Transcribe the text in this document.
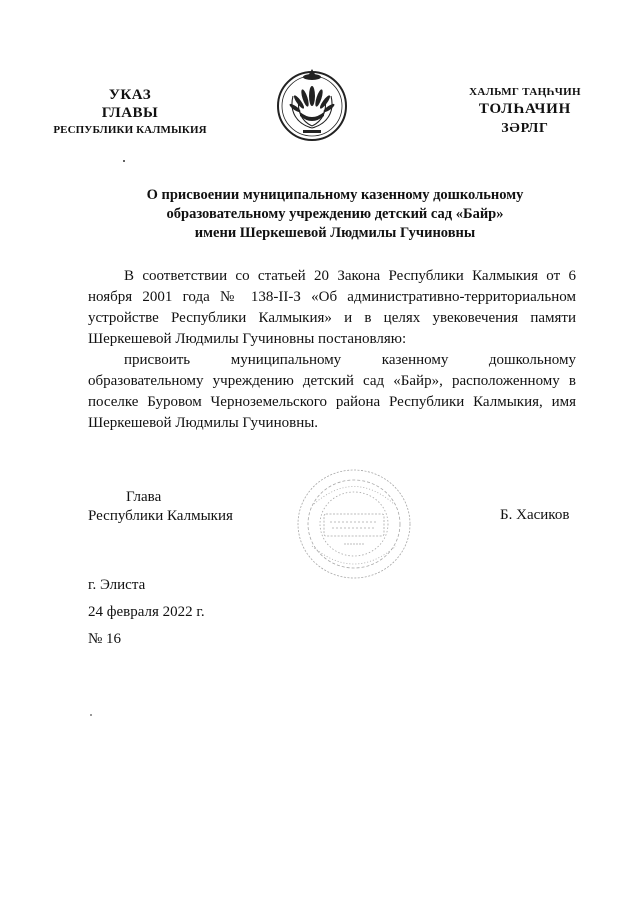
УКАЗ
ГЛАВЫ
РЕСПУБЛИКИ КАЛМЫКИЯ
ХАЛЬМГ ТАҢҺЧИН
ТОЛҺАЧИН
ЗӘРЛГ
О присвоении муниципальному казенному дошкольному
образовательному учреждению детский сад «Байр»
имени Шеркешевой Людмилы Гучиновны

В соответствии со статьей 20 Закона Республики Калмыкия от 6 ноября 2001 года № 138-II-З «Об административно-территориальном устройстве Республики Калмыкия» и в целях увековечения памяти Шеркешевой Людмилы Гучиновны постановляю:

присвоить муниципальному казенному дошкольному образовательному учреждению детский сад «Байр», расположенному в поселке Буровом Черноземельского района Республики Калмыкия, имя Шеркешевой Людмилы Гучиновны.

Глава
Республики Калмыкия	Б. Хасиков
г. Элиста
24 февраля 2022 г.
№ 16
